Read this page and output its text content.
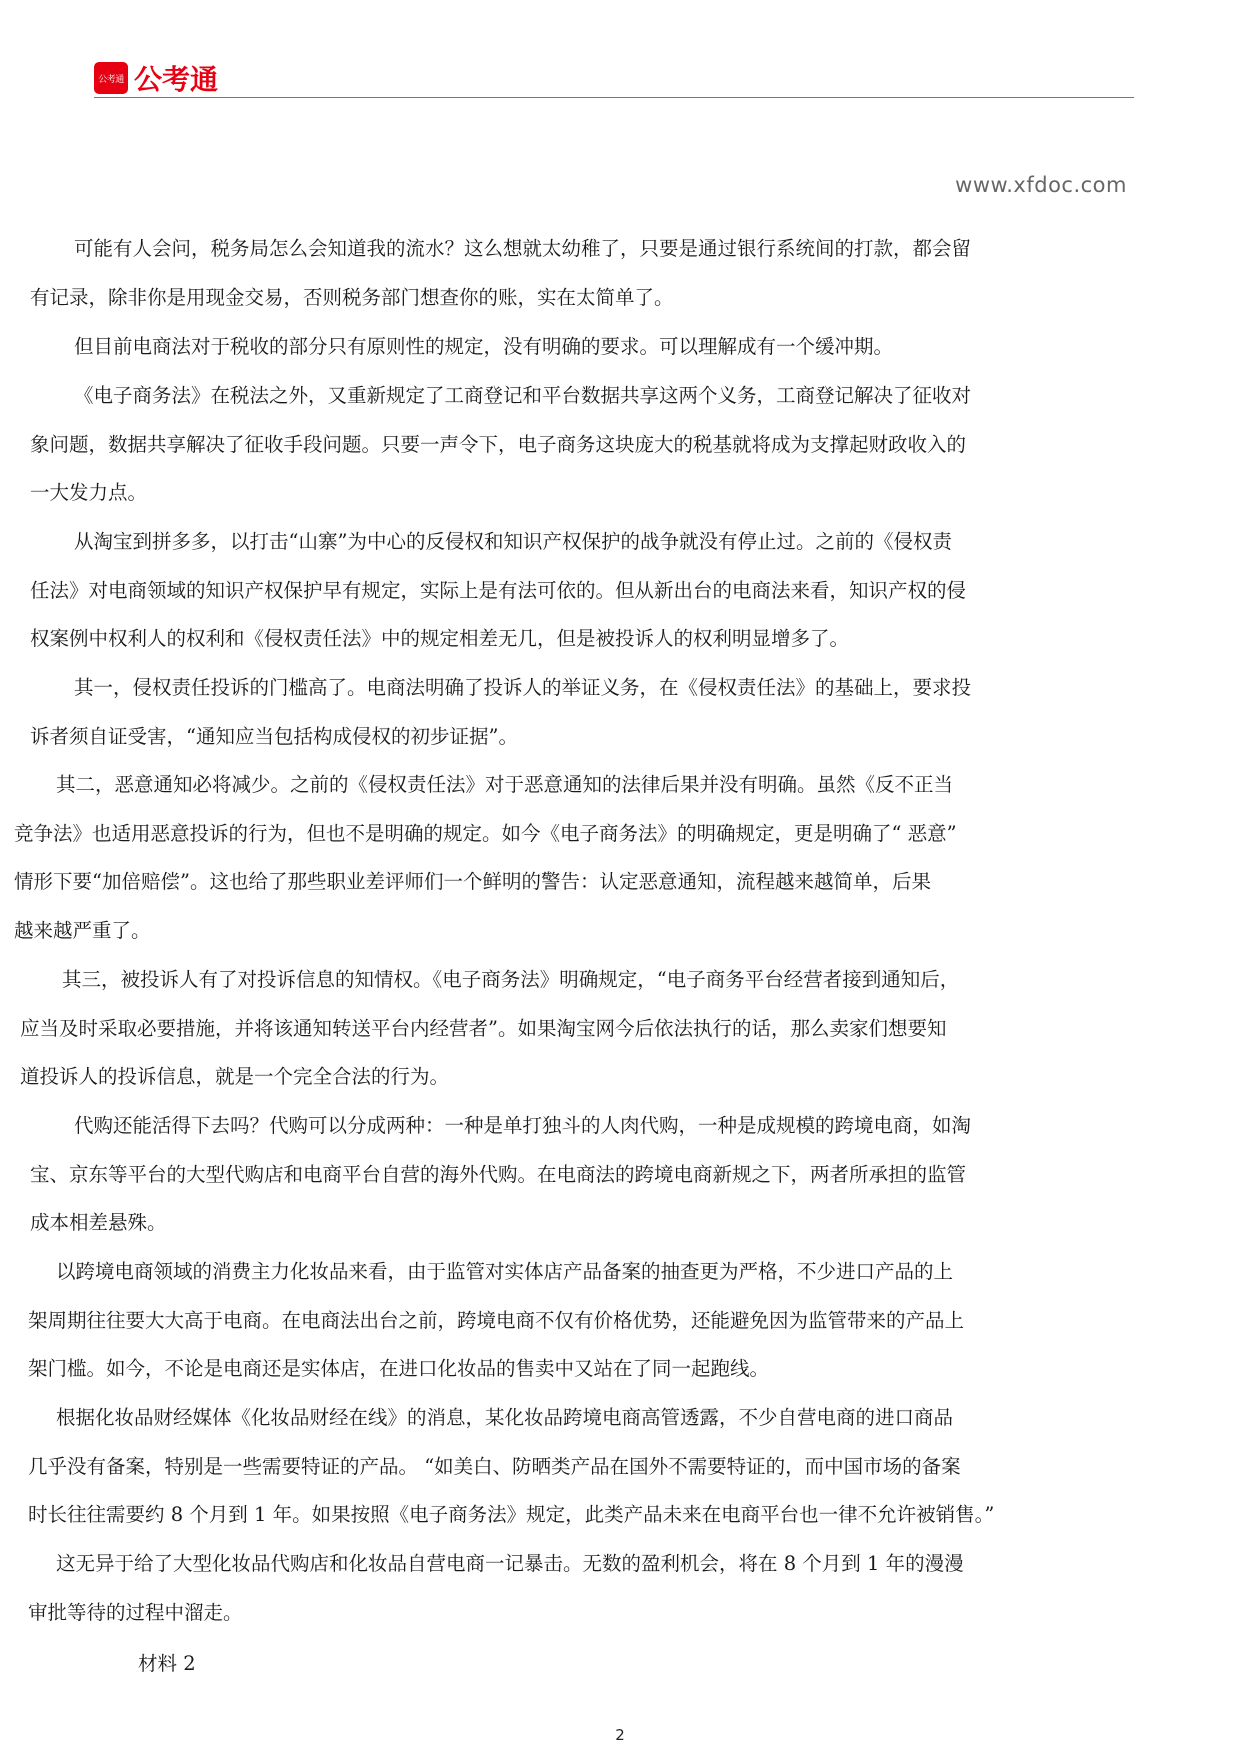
公考通 公考通
www.xfdoc.com
可能有人会问，税务局怎么会知道我的流水？这么想就太幼稚了，只要是通过银行系统间的打款，都会留
有记录，除非你是用现金交易，否则税务部门想查你的账，实在太简单了。
但目前电商法对于税收的部分只有原则性的规定，没有明确的要求。可以理解成有一个缓冲期。
《电子商务法》在税法之外，又重新规定了工商登记和平台数据共享这两个义务，工商登记解决了征收对
象问题，数据共享解决了征收手段问题。只要一声令下，电子商务这块庞大的税基就将成为支撑起财政收入的
一大发力点。
从淘宝到拼多多，以打击“山寨”为中心的反侵权和知识产权保护的战争就没有停止过。之前的《侵权责
任法》对电商领域的知识产权保护早有规定，实际上是有法可依的。但从新出台的电商法来看，知识产权的侵
权案例中权利人的权利和《侵权责任法》中的规定相差无几，但是被投诉人的权利明显增多了。
其一，侵权责任投诉的门槛高了。电商法明确了投诉人的举证义务，在《侵权责任法》的基础上，要求投
诉者须自证受害，“通知应当包括构成侵权的初步证据”。
其二，恶意通知必将减少。之前的《侵权责任法》对于恶意通知的法律后果并没有明确。虽然《反不正当
竞争法》也适用恶意投诉的行为，但也不是明确的规定。如今《电子商务法》的明确规定，更是明确了“ 恶意”
情形下要“加倍赔偿”。这也给了那些职业差评师们一个鲜明的警告：认定恶意通知，流程越来越简单，后果
越来越严重了。
其三，被投诉人有了对投诉信息的知情权。《电子商务法》明确规定，“电子商务平台经营者接到通知后，
应当及时采取必要措施，并将该通知转送平台内经营者”。如果淘宝网今后依法执行的话，那么卖家们想要知
道投诉人的投诉信息，就是一个完全合法的行为。
代购还能活得下去吗？代购可以分成两种：一种是单打独斗的人肉代购，一种是成规模的跨境电商，如淘
宝、京东等平台的大型代购店和电商平台自营的海外代购。在电商法的跨境电商新规之下，两者所承担的监管
成本相差悬殊。
以跨境电商领域的消费主力化妆品来看，由于监管对实体店产品备案的抽查更为严格，不少进口产品的上
架周期往往要大大高于电商。在电商法出台之前，跨境电商不仅有价格优势，还能避免因为监管带来的产品上
架门槛。如今，不论是电商还是实体店，在进口化妆品的售卖中又站在了同一起跑线。
根据化妆品财经媒体《化妆品财经在线》的消息，某化妆品跨境电商高管透露，不少自营电商的进口商品
几乎没有备案，特别是一些需要特证的产品。 “如美白、防晒类产品在国外不需要特证的，而中国市场的备案
时长往往需要约 8 个月到 1 年。如果按照《电子商务法》规定，此类产品未来在电商平台也一律不允许被销售。”
这无异于给了大型化妆品代购店和化妆品自营电商一记暴击。无数的盈利机会，将在 8 个月到 1 年的漫漫
审批等待的过程中溜走。
材料 2
2
